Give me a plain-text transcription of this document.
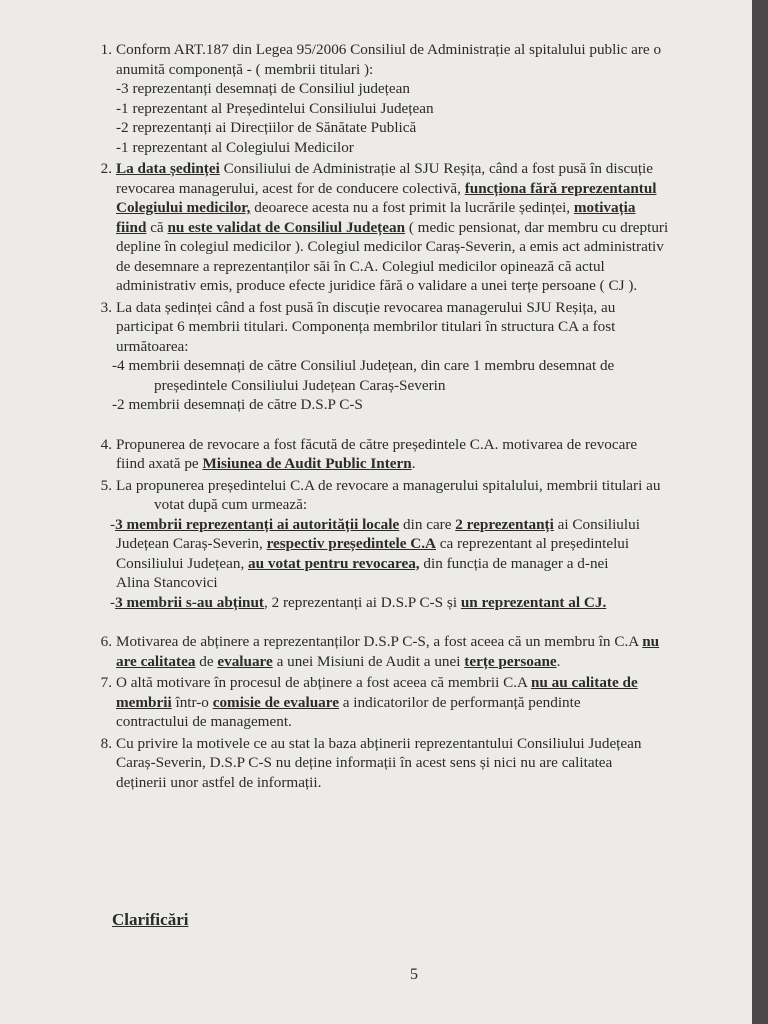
1. Conform ART.187 din Legea 95/2006 Consiliul de Administrație al spitalului public are o
anumită componență - ( membrii titulari ):
-3 reprezentanți desemnați de Consiliul județean
-1 reprezentant al Președintelui Consiliului Județean
-2 reprezentanți ai Direcțiilor de Sănătate Publică
-1 reprezentant al Colegiului Medicilor
2. La data ședinței Consiliului de Administrație al SJU Reșița, când a fost pusă în discuție
revocarea managerului, acest for de conducere colectivă, funcționa fără reprezentantul
Colegiului medicilor, deoarece acesta nu a fost primit la lucrările ședinței, motivația
fiind că nu este validat de Consiliul Județean ( medic pensionat, dar membru cu drepturi
depline în colegiul medicilor ). Colegiul medicilor Caraș-Severin, a emis act administrativ
de desemnare a reprezentanților săi în C.A. Colegiul medicilor opinează că actul
administrativ emis, produce efecte juridice fără o validare a unei terțe persoane ( CJ ).
3. La data ședinței când a fost pusă în discuție revocarea managerului SJU Reșița, au
participat 6 membrii titulari. Componența membrilor titulari în structura CA a fost
următoarea:
-4 membrii desemnați de către Consiliul Județean, din care 1 membru desemnat de
președintele Consiliului Județean Caraș-Severin
-2 membrii desemnați de către D.S.P C-S
4. Propunerea de revocare a fost făcută de către președintele C.A. motivarea de revocare
fiind axată pe Misiunea de Audit Public Intern.
5. La propunerea președintelui C.A de revocare a managerului spitalului, membrii titulari au
votat după cum urmează:
-3 membrii reprezentanți ai autorității locale din care 2 reprezentanți ai Consiliului
Județean Caraș-Severin, respectiv președintele C.A ca reprezentant al președintelui
Consiliului Județean, au votat pentru revocarea, din funcția de manager a d-nei
Alina Stancovici
-3 membrii s-au abținut, 2 reprezentanți ai D.S.P C-S și un reprezentant al CJ.
6. Motivarea de abținere a reprezentanților D.S.P C-S, a fost aceea că un membru în C.A nu
are calitatea de evaluare a unei Misiuni de Audit a unei terțe persoane.
7. O altă motivare în procesul de abținere a fost aceea că membrii C.A nu au calitate de
membrii într-o comisie de evaluare a indicatorilor de performanță pendinte
contractului de management.
8. Cu privire la motivele ce au stat la baza abținerii reprezentantului Consiliului Județean
Caraș-Severin, D.S.P C-S nu deține informații în acest sens și nici nu are calitatea
deținerii unor astfel de informații.
Clarificări
5
